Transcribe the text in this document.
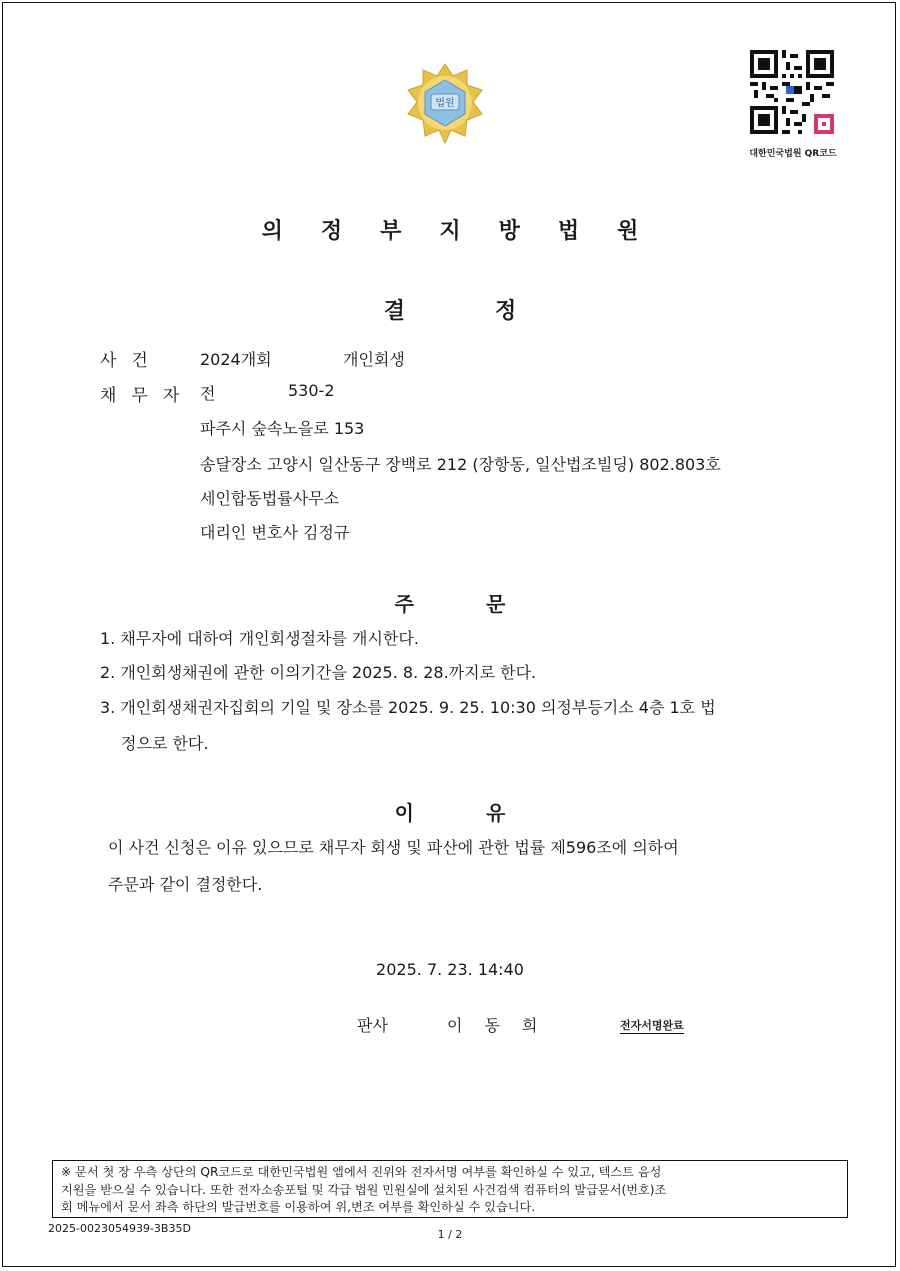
법원
대한민국법원 QR코드
의정부지방법원
결정
사건 2024개회	개인회생
채무자 전	530-2
파주시 숲속노을로 153
송달장소 고양시 일산동구 장백로 212 (장항동, 일산법조빌딩) 802.803호
세인합동법률사무소
대리인 변호사 김정규
주문
1. 채무자에 대하여 개인회생절차를 개시한다.
2. 개인회생채권에 관한 이의기간을 2025. 8. 28.까지로 한다.
3. 개인회생채권자집회의 기일 및 장소를 2025. 9. 25. 10:30 의정부등기소 4층 1호 법
정으로 한다.
이유
이 사건 신청은 이유 있으므로 채무자 회생 및 파산에 관한 법률 제596조에 의하여
주문과 같이 결정한다.
2025. 7. 23. 14:40
판사	이동희	전자서명완료
※ 문서 첫 장 우측 상단의 QR코드로 대한민국법원 앱에서 진위와 전자서명 여부를 확인하실 수 있고, 텍스트 음성
지원을 받으실 수 있습니다. 또한 전자소송포털 및 각급 법원 민원실에 설치된 사건검색 컴퓨터의 발급문서(번호)조
회 메뉴에서 문서 좌측 하단의 발급번호를 이용하여 위,변조 여부를 확인하실 수 있습니다.
2025-0023054939-3B35D	1 / 2
